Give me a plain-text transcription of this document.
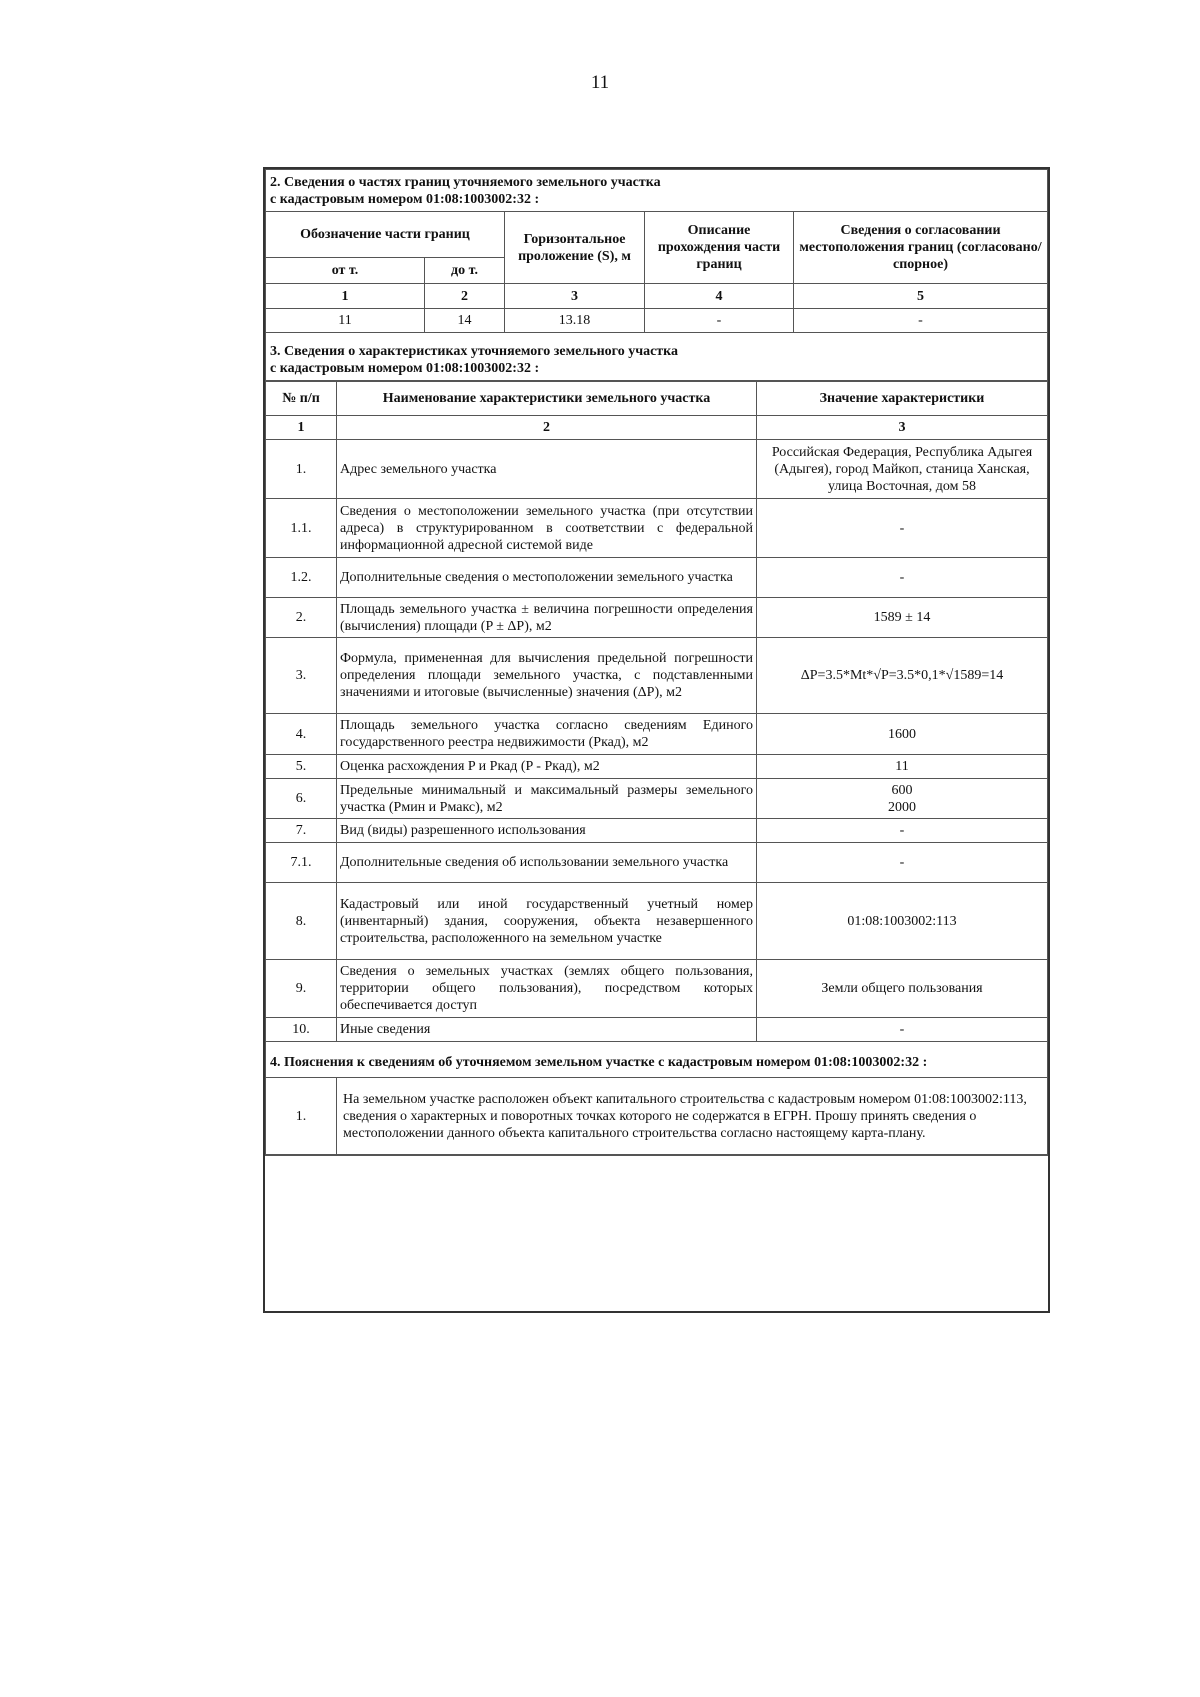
11
2. Сведения о частях границ уточняемого земельного участка
с кадастровым номером 01:08:1003002:32 :				

Обозначение части границ		Горизонтальное проложение (S), м	Описание прохождения части границ	Сведения о согласовании местоположения границ (согласовано/спорное)
от т.	до т.			
1	2	3	4	5
11	14	13.18	-	-
3. Сведения о характеристиках уточняемого земельного участка
с кадастровым номером 01:08:1003002:32 :
№ п/п	Наименование характеристики земельного участка	Значение характеристики
1	2	3
1.	Адрес земельного участка	Российская Федерация, Республика Адыгея (Адыгея), город Майкоп, станица Ханская, улица Восточная, дом 58
1.1.	Сведения о местоположении земельного участка (при отсутствии адреса) в структурированном в соответствии с федеральной информационной адресной системой виде	-
1.2.	Дополнительные сведения о местоположении земельного участка	-
2.	Площадь земельного участка ± величина погрешности определения (вычисления) площади (P ± ΔP), м2	1589 ± 14
3.	Формула, примененная для вычисления предельной погрешности определения площади земельного участка, с подставленными значениями и итоговые (вычисленные) значения (ΔP), м2	ΔP=3.5*Mt*√P=3.5*0,1*√1589=14
4.	Площадь земельного участка согласно сведениям Единого государственного реестра недвижимости (Ркад), м2	1600
5.	Оценка расхождения P и Ркад (P - Ркад), м2	11
6.	Предельные минимальный и максимальный размеры земельного участка (Рмин и Рмакс), м2	600
2000

7.	Вид (виды) разрешенного использования	-
7.1.	Дополнительные сведения об использовании земельного участка	-
8.	Кадастровый или иной государственный учетный номер (инвентарный) здания, сооружения, объекта незавершенного строительства, расположенного на земельном участке	01:08:1003002:113
9.	Сведения о земельных участках (землях общего пользования, территории общего пользования), посредством которых обеспечивается доступ	Земли общего пользования
10.	Иные сведения	-
4. Пояснения к сведениям об уточняемом земельном участке с кадастровым номером 01:08:1003002:32 :
1.	На земельном участке расположен объект капитального строительства с кадастровым номером 01:08:1003002:113, сведения о характерных и поворотных точках которого не содержатся в ЕГРН. Прошу принять сведения о местоположении данного объекта капитального строительства согласно настоящему карта-плану.
